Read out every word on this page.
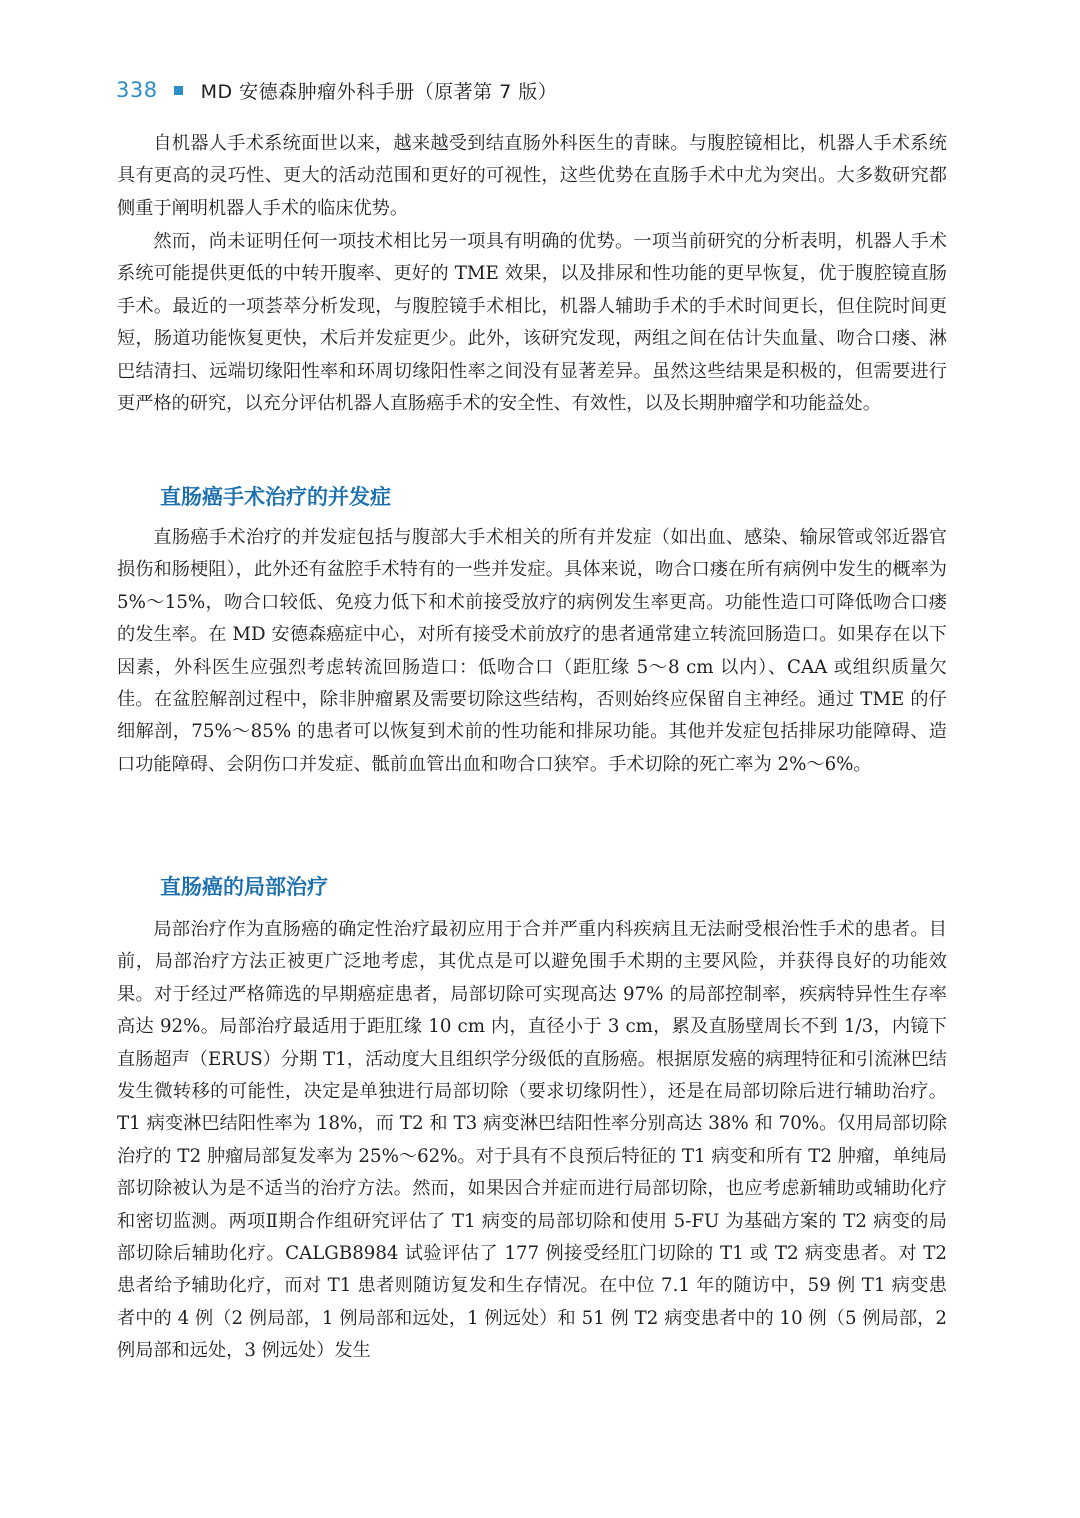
338 MD 安德森肿瘤外科手册（原著第 7 版）

自机器人手术系统面世以来，越来越受到结直肠外科医生的青睐。与腹腔镜相比，机器人手术系统具有更高的灵巧性、更大的活动范围和更好的可视性，这些优势在直肠手术中尤为突出。大多数研究都侧重于阐明机器人手术的临床优势。

然而，尚未证明任何一项技术相比另一项具有明确的优势。一项当前研究的分析表明，机器人手术系统可能提供更低的中转开腹率、更好的 TME 效果，以及排尿和性功能的更早恢复，优于腹腔镜直肠手术。最近的一项荟萃分析发现，与腹腔镜手术相比，机器人辅助手术的手术时间更长，但住院时间更短，肠道功能恢复更快，术后并发症更少。此外，该研究发现，两组之间在估计失血量、吻合口瘘、淋巴结清扫、远端切缘阳性率和环周切缘阳性率之间没有显著差异。虽然这些结果是积极的，但需要进行更严格的研究，以充分评估机器人直肠癌手术的安全性、有效性，以及长期肿瘤学和功能益处。

直肠癌手术治疗的并发症

直肠癌手术治疗的并发症包括与腹部大手术相关的所有并发症（如出血、感染、输尿管或邻近器官损伤和肠梗阻），此外还有盆腔手术特有的一些并发症。具体来说，吻合口瘘在所有病例中发生的概率为 5%～15%，吻合口较低、免疫力低下和术前接受放疗的病例发生率更高。功能性造口可降低吻合口瘘的发生率。在 MD 安德森癌症中心，对所有接受术前放疗的患者通常建立转流回肠造口。如果存在以下因素，外科医生应强烈考虑转流回肠造口：低吻合口（距肛缘 5～8 cm 以内）、CAA 或组织质量欠佳。在盆腔解剖过程中，除非肿瘤累及需要切除这些结构，否则始终应保留自主神经。通过 TME 的仔细解剖，75%～85% 的患者可以恢复到术前的性功能和排尿功能。其他并发症包括排尿功能障碍、造口功能障碍、会阴伤口并发症、骶前血管出血和吻合口狭窄。手术切除的死亡率为 2%～6%。

直肠癌的局部治疗

局部治疗作为直肠癌的确定性治疗最初应用于合并严重内科疾病且无法耐受根治性手术的患者。目前，局部治疗方法正被更广泛地考虑，其优点是可以避免围手术期的主要风险，并获得良好的功能效果。对于经过严格筛选的早期癌症患者，局部切除可实现高达 97% 的局部控制率，疾病特异性生存率高达 92%。局部治疗最适用于距肛缘 10 cm 内，直径小于 3 cm，累及直肠壁周长不到 1/3，内镜下直肠超声（ERUS）分期 T1，活动度大且组织学分级低的直肠癌。根据原发癌的病理特征和引流淋巴结发生微转移的可能性，决定是单独进行局部切除（要求切缘阴性），还是在局部切除后进行辅助治疗。T1 病变淋巴结阳性率为 18%，而 T2 和 T3 病变淋巴结阳性率分别高达 38% 和 70%。仅用局部切除治疗的 T2 肿瘤局部复发率为 25%～62%。对于具有不良预后特征的 T1 病变和所有 T2 肿瘤，单纯局部切除被认为是不适当的治疗方法。然而，如果因合并症而进行局部切除，也应考虑新辅助或辅助化疗和密切监测。两项Ⅱ期合作组研究评估了 T1 病变的局部切除和使用 5-FU 为基础方案的 T2 病变的局部切除后辅助化疗。CALGB8984 试验评估了 177 例接受经肛门切除的 T1 或 T2 病变患者。对 T2 患者给予辅助化疗，而对 T1 患者则随访复发和生存情况。在中位 7.1 年的随访中，59 例 T1 病变患者中的 4 例（2 例局部，1 例局部和远处，1 例远处）和 51 例 T2 病变患者中的 10 例（5 例局部，2 例局部和远处，3 例远处）发生
